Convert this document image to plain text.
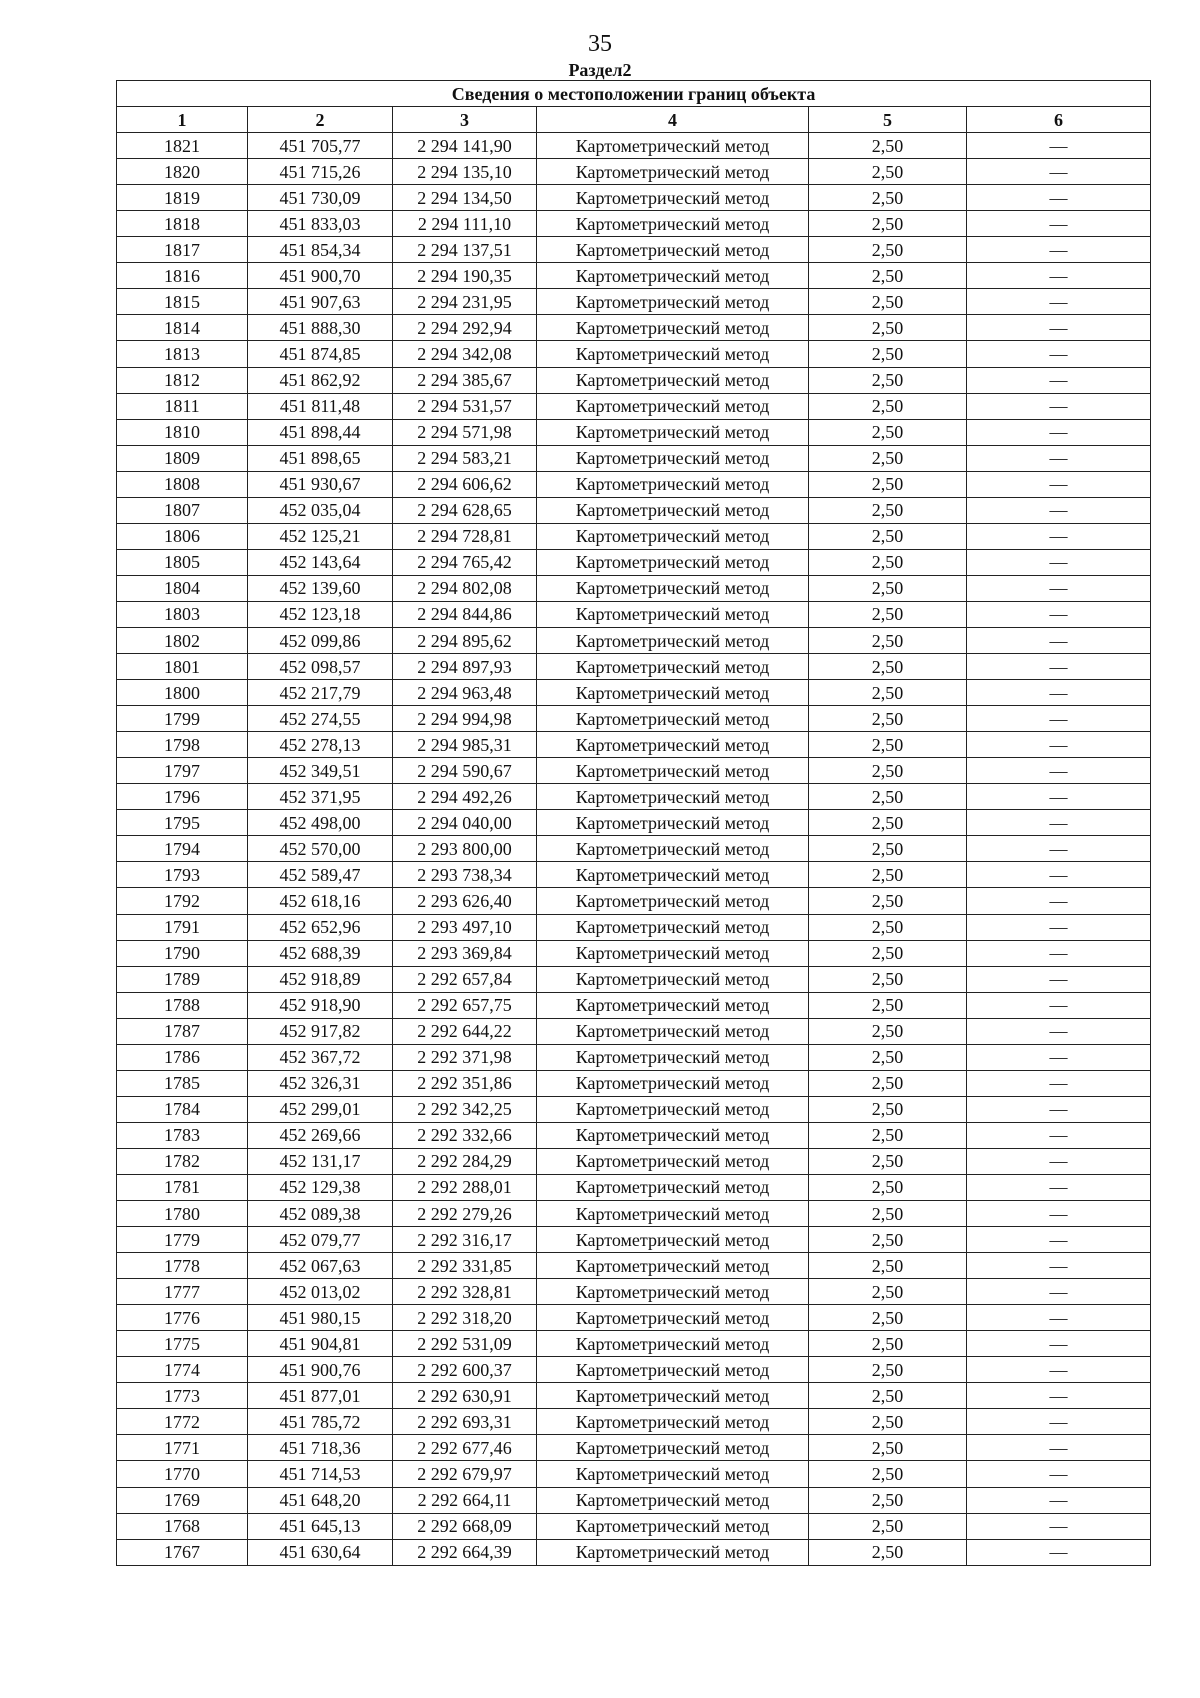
35
Раздел2
Сведения о местоположении границ объекта					
1	2	3	4	5	6
1821	451 705,77	2 294 141,90	Картометрический метод	2,50	—
1820	451 715,26	2 294 135,10	Картометрический метод	2,50	—
1819	451 730,09	2 294 134,50	Картометрический метод	2,50	—
1818	451 833,03	2 294 111,10	Картометрический метод	2,50	—
1817	451 854,34	2 294 137,51	Картометрический метод	2,50	—
1816	451 900,70	2 294 190,35	Картометрический метод	2,50	—
1815	451 907,63	2 294 231,95	Картометрический метод	2,50	—
1814	451 888,30	2 294 292,94	Картометрический метод	2,50	—
1813	451 874,85	2 294 342,08	Картометрический метод	2,50	—
1812	451 862,92	2 294 385,67	Картометрический метод	2,50	—
1811	451 811,48	2 294 531,57	Картометрический метод	2,50	—
1810	451 898,44	2 294 571,98	Картометрический метод	2,50	—
1809	451 898,65	2 294 583,21	Картометрический метод	2,50	—
1808	451 930,67	2 294 606,62	Картометрический метод	2,50	—
1807	452 035,04	2 294 628,65	Картометрический метод	2,50	—
1806	452 125,21	2 294 728,81	Картометрический метод	2,50	—
1805	452 143,64	2 294 765,42	Картометрический метод	2,50	—
1804	452 139,60	2 294 802,08	Картометрический метод	2,50	—
1803	452 123,18	2 294 844,86	Картометрический метод	2,50	—
1802	452 099,86	2 294 895,62	Картометрический метод	2,50	—
1801	452 098,57	2 294 897,93	Картометрический метод	2,50	—
1800	452 217,79	2 294 963,48	Картометрический метод	2,50	—
1799	452 274,55	2 294 994,98	Картометрический метод	2,50	—
1798	452 278,13	2 294 985,31	Картометрический метод	2,50	—
1797	452 349,51	2 294 590,67	Картометрический метод	2,50	—
1796	452 371,95	2 294 492,26	Картометрический метод	2,50	—
1795	452 498,00	2 294 040,00	Картометрический метод	2,50	—
1794	452 570,00	2 293 800,00	Картометрический метод	2,50	—
1793	452 589,47	2 293 738,34	Картометрический метод	2,50	—
1792	452 618,16	2 293 626,40	Картометрический метод	2,50	—
1791	452 652,96	2 293 497,10	Картометрический метод	2,50	—
1790	452 688,39	2 293 369,84	Картометрический метод	2,50	—
1789	452 918,89	2 292 657,84	Картометрический метод	2,50	—
1788	452 918,90	2 292 657,75	Картометрический метод	2,50	—
1787	452 917,82	2 292 644,22	Картометрический метод	2,50	—
1786	452 367,72	2 292 371,98	Картометрический метод	2,50	—
1785	452 326,31	2 292 351,86	Картометрический метод	2,50	—
1784	452 299,01	2 292 342,25	Картометрический метод	2,50	—
1783	452 269,66	2 292 332,66	Картометрический метод	2,50	—
1782	452 131,17	2 292 284,29	Картометрический метод	2,50	—
1781	452 129,38	2 292 288,01	Картометрический метод	2,50	—
1780	452 089,38	2 292 279,26	Картометрический метод	2,50	—
1779	452 079,77	2 292 316,17	Картометрический метод	2,50	—
1778	452 067,63	2 292 331,85	Картометрический метод	2,50	—
1777	452 013,02	2 292 328,81	Картометрический метод	2,50	—
1776	451 980,15	2 292 318,20	Картометрический метод	2,50	—
1775	451 904,81	2 292 531,09	Картометрический метод	2,50	—
1774	451 900,76	2 292 600,37	Картометрический метод	2,50	—
1773	451 877,01	2 292 630,91	Картометрический метод	2,50	—
1772	451 785,72	2 292 693,31	Картометрический метод	2,50	—
1771	451 718,36	2 292 677,46	Картометрический метод	2,50	—
1770	451 714,53	2 292 679,97	Картометрический метод	2,50	—
1769	451 648,20	2 292 664,11	Картометрический метод	2,50	—
1768	451 645,13	2 292 668,09	Картометрический метод	2,50	—
1767	451 630,64	2 292 664,39	Картометрический метод	2,50	—
